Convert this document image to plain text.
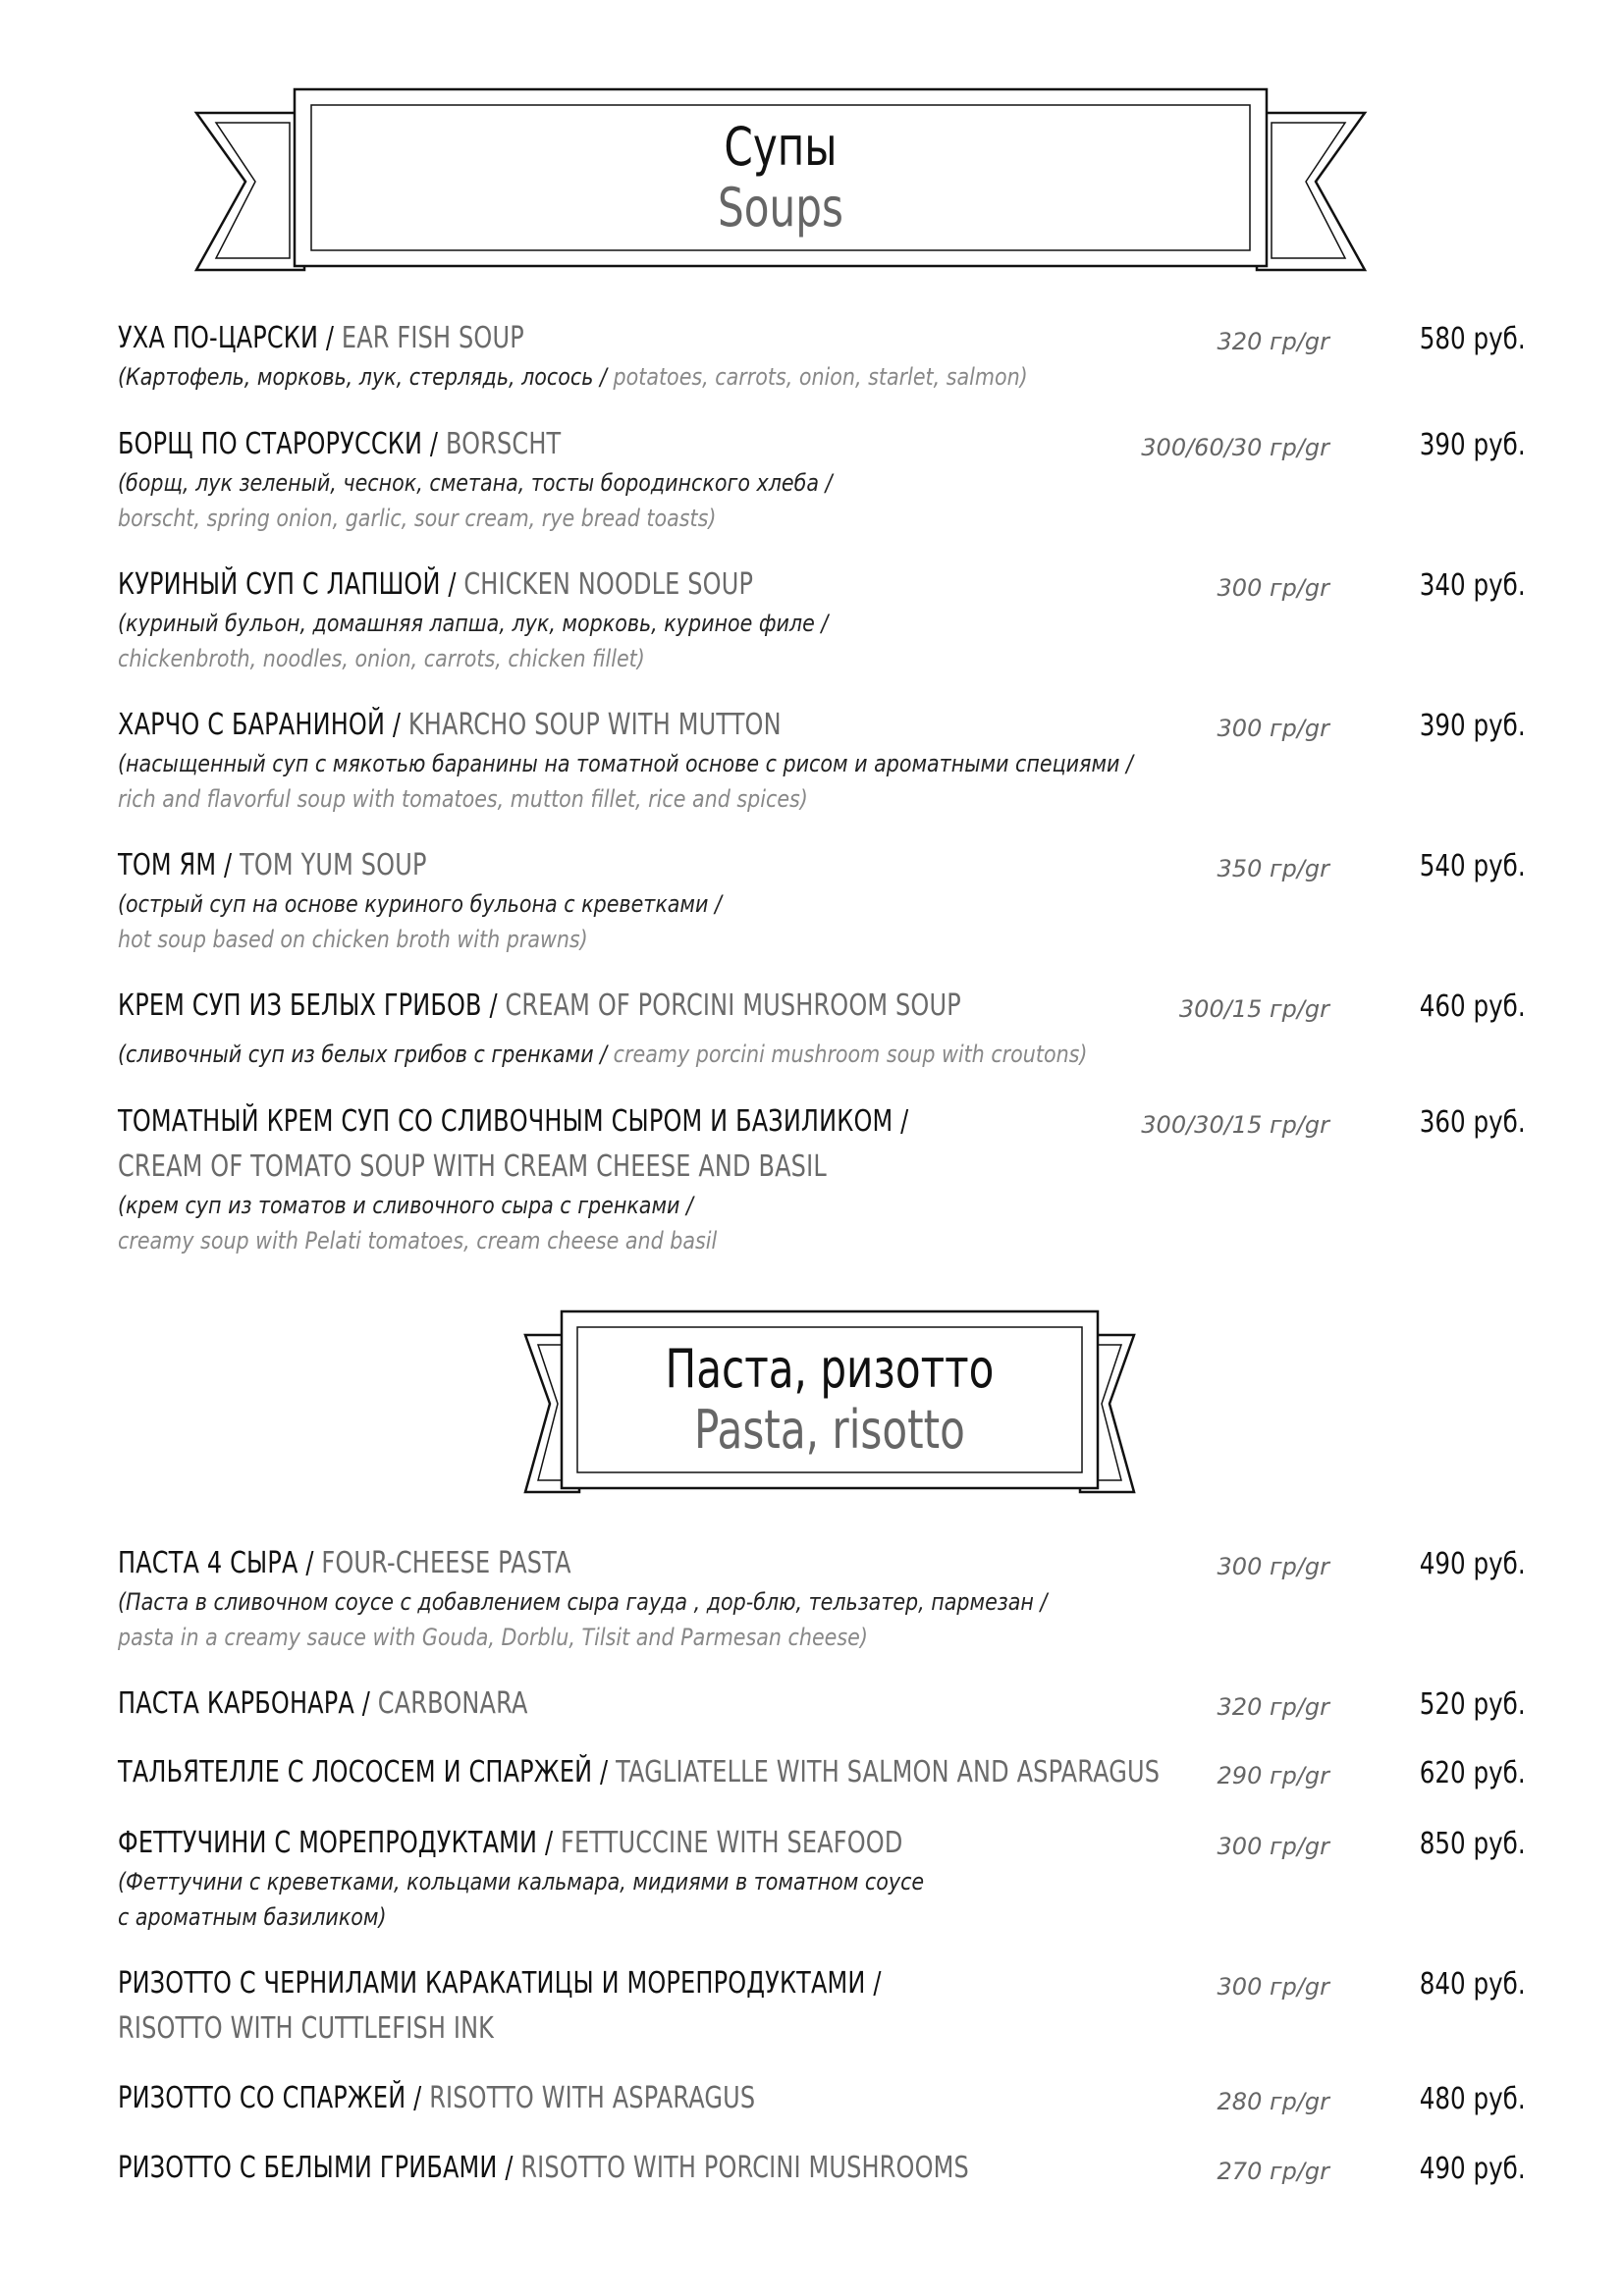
Супы
Soups
УХА ПО-ЦАРСКИ / EAR FISH SOUP	320 гр/gr	580 руб.
(Картофель, морковь, лук, стерлядь, лосось / potatoes, carrots, onion, starlet, salmon)
БОРЩ ПО СТАРОРУССКИ / BORSCHT	300/60/30 гр/gr	390 руб.
(борщ, лук зеленый, чеснок, сметана, тосты бородинского хлеба /
borscht, spring onion, garlic, sour cream, rye bread toasts)
КУРИНЫЙ СУП С ЛАПШОЙ / CHICKEN NOODLE SOUP	300 гр/gr	340 руб.
(куриный бульон, домашняя лапша, лук, морковь, куриное филе /
chickenbroth, noodles, onion, carrots, chicken fillet)
ХАРЧО С БАРАНИНОЙ / KHARCHO SOUP WITH MUTTON	300 гр/gr	390 руб.
(насыщенный суп с мякотью баранины на томатной основе с рисом и ароматными специями /
rich and flavorful soup with tomatoes, mutton fillet, rice and spices)
ТОМ ЯМ / TOM YUM SOUP	350 гр/gr	540 руб.
(острый суп на основе куриного бульона с креветками /
hot soup based on chicken broth with prawns)
КРЕМ СУП ИЗ БЕЛЫХ ГРИБОВ / CREAM OF PORCINI MUSHROOM SOUP	300/15 гр/gr	460 руб.
(сливочный суп из белых грибов с гренками / creamy porcini mushroom soup with croutons)
ТОМАТНЫЙ КРЕМ СУП СО СЛИВОЧНЫМ СЫРОМ И БАЗИЛИКОМ /
CREAM OF TOMATO SOUP WITH CREAM CHEESE AND BASIL
300/30/15 гр/gr	360 руб.
(крем суп из томатов и сливочного сыра с гренками /
creamy soup with Pelati tomatoes, cream cheese and basil
Паста, ризотто
Pasta, risotto
ПАСТА 4 СЫРА / FOUR-CHEESE PASTA	300 гр/gr	490 руб.
(Паста в сливочном соусе с добавлением сыра гауда , дор-блю, тельзатер, пармезан /
pasta in a creamy sauce with Gouda, Dorblu, Tilsit and Parmesan cheese)
ПАСТА КАРБОНАРА / CARBONARA	320 гр/gr	520 руб.
ТАЛЬЯТЕЛЛЕ С ЛОСОСЕМ И СПАРЖЕЙ / TAGLIATELLE WITH SALMON AND ASPARAGUS 290 гр/gr	620 руб.
ФЕТТУЧИНИ С МОРЕПРОДУКТАМИ / FETTUCCINE WITH SEAFOOD	300 гр/gr	850 руб.
(Феттучини с креветками, кольцами кальмара, мидиями в томатном соусе
с ароматным базиликом)
РИЗОТТО С ЧЕРНИЛАМИ КАРАКАТИЦЫ И МОРЕПРОДУКТАМИ /
RISOTTO WITH CUTTLEFISH INK
300 гр/gr	840 руб.
РИЗОТТО СО СПАРЖЕЙ / RISOTTO WITH ASPARAGUS	280 гр/gr	480 руб.
РИЗОТТО С БЕЛЫМИ ГРИБАМИ / RISOTTO WITH PORCINI MUSHROOMS	270 гр/gr	490 руб.
